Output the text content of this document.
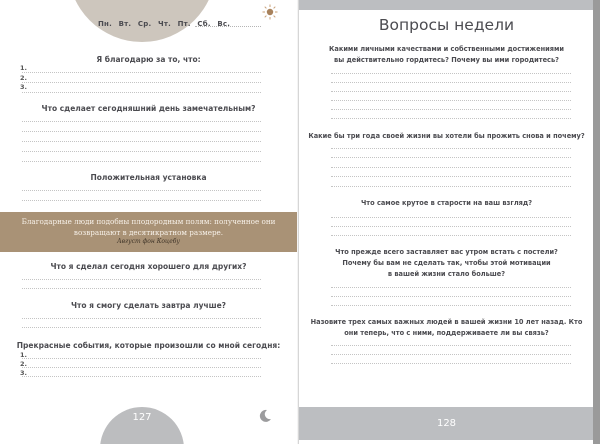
Пн. Вт. Ср. Чт. Пт. Сб. Вс.
Я благодарю за то, что:
1.
2.
3.
Что сделает сегодняшний день замечательным?
Положительная установка
Благодарные люди подобны плодородным полям: полученное они
возвращают в десятикратном размере.
Август фон Коцебу
Что я сделал сегодня хорошего для других?
Что я смогу сделать завтра лучше?
Прекрасные события, которые произошли со мной сегодня:
1.
2.
3.
127
Вопросы недели
Какими личными качествами и собственными достижениями
вы действительно гордитесь? Почему вы ими городитесь?
Какие бы три года своей жизни вы хотели бы прожить снова и почему?
Что самое крутое в старости на ваш взгляд?
Что прежде всего заставляет вас утром встать с постели?
Почему бы вам не сделать так, чтобы этой мотивации
в вашей жизни стало больше?
Назовите трех самых важных людей в вашей жизни 10 лет назад. Кто
они теперь, что с ними, поддерживаете ли вы связь?
128
